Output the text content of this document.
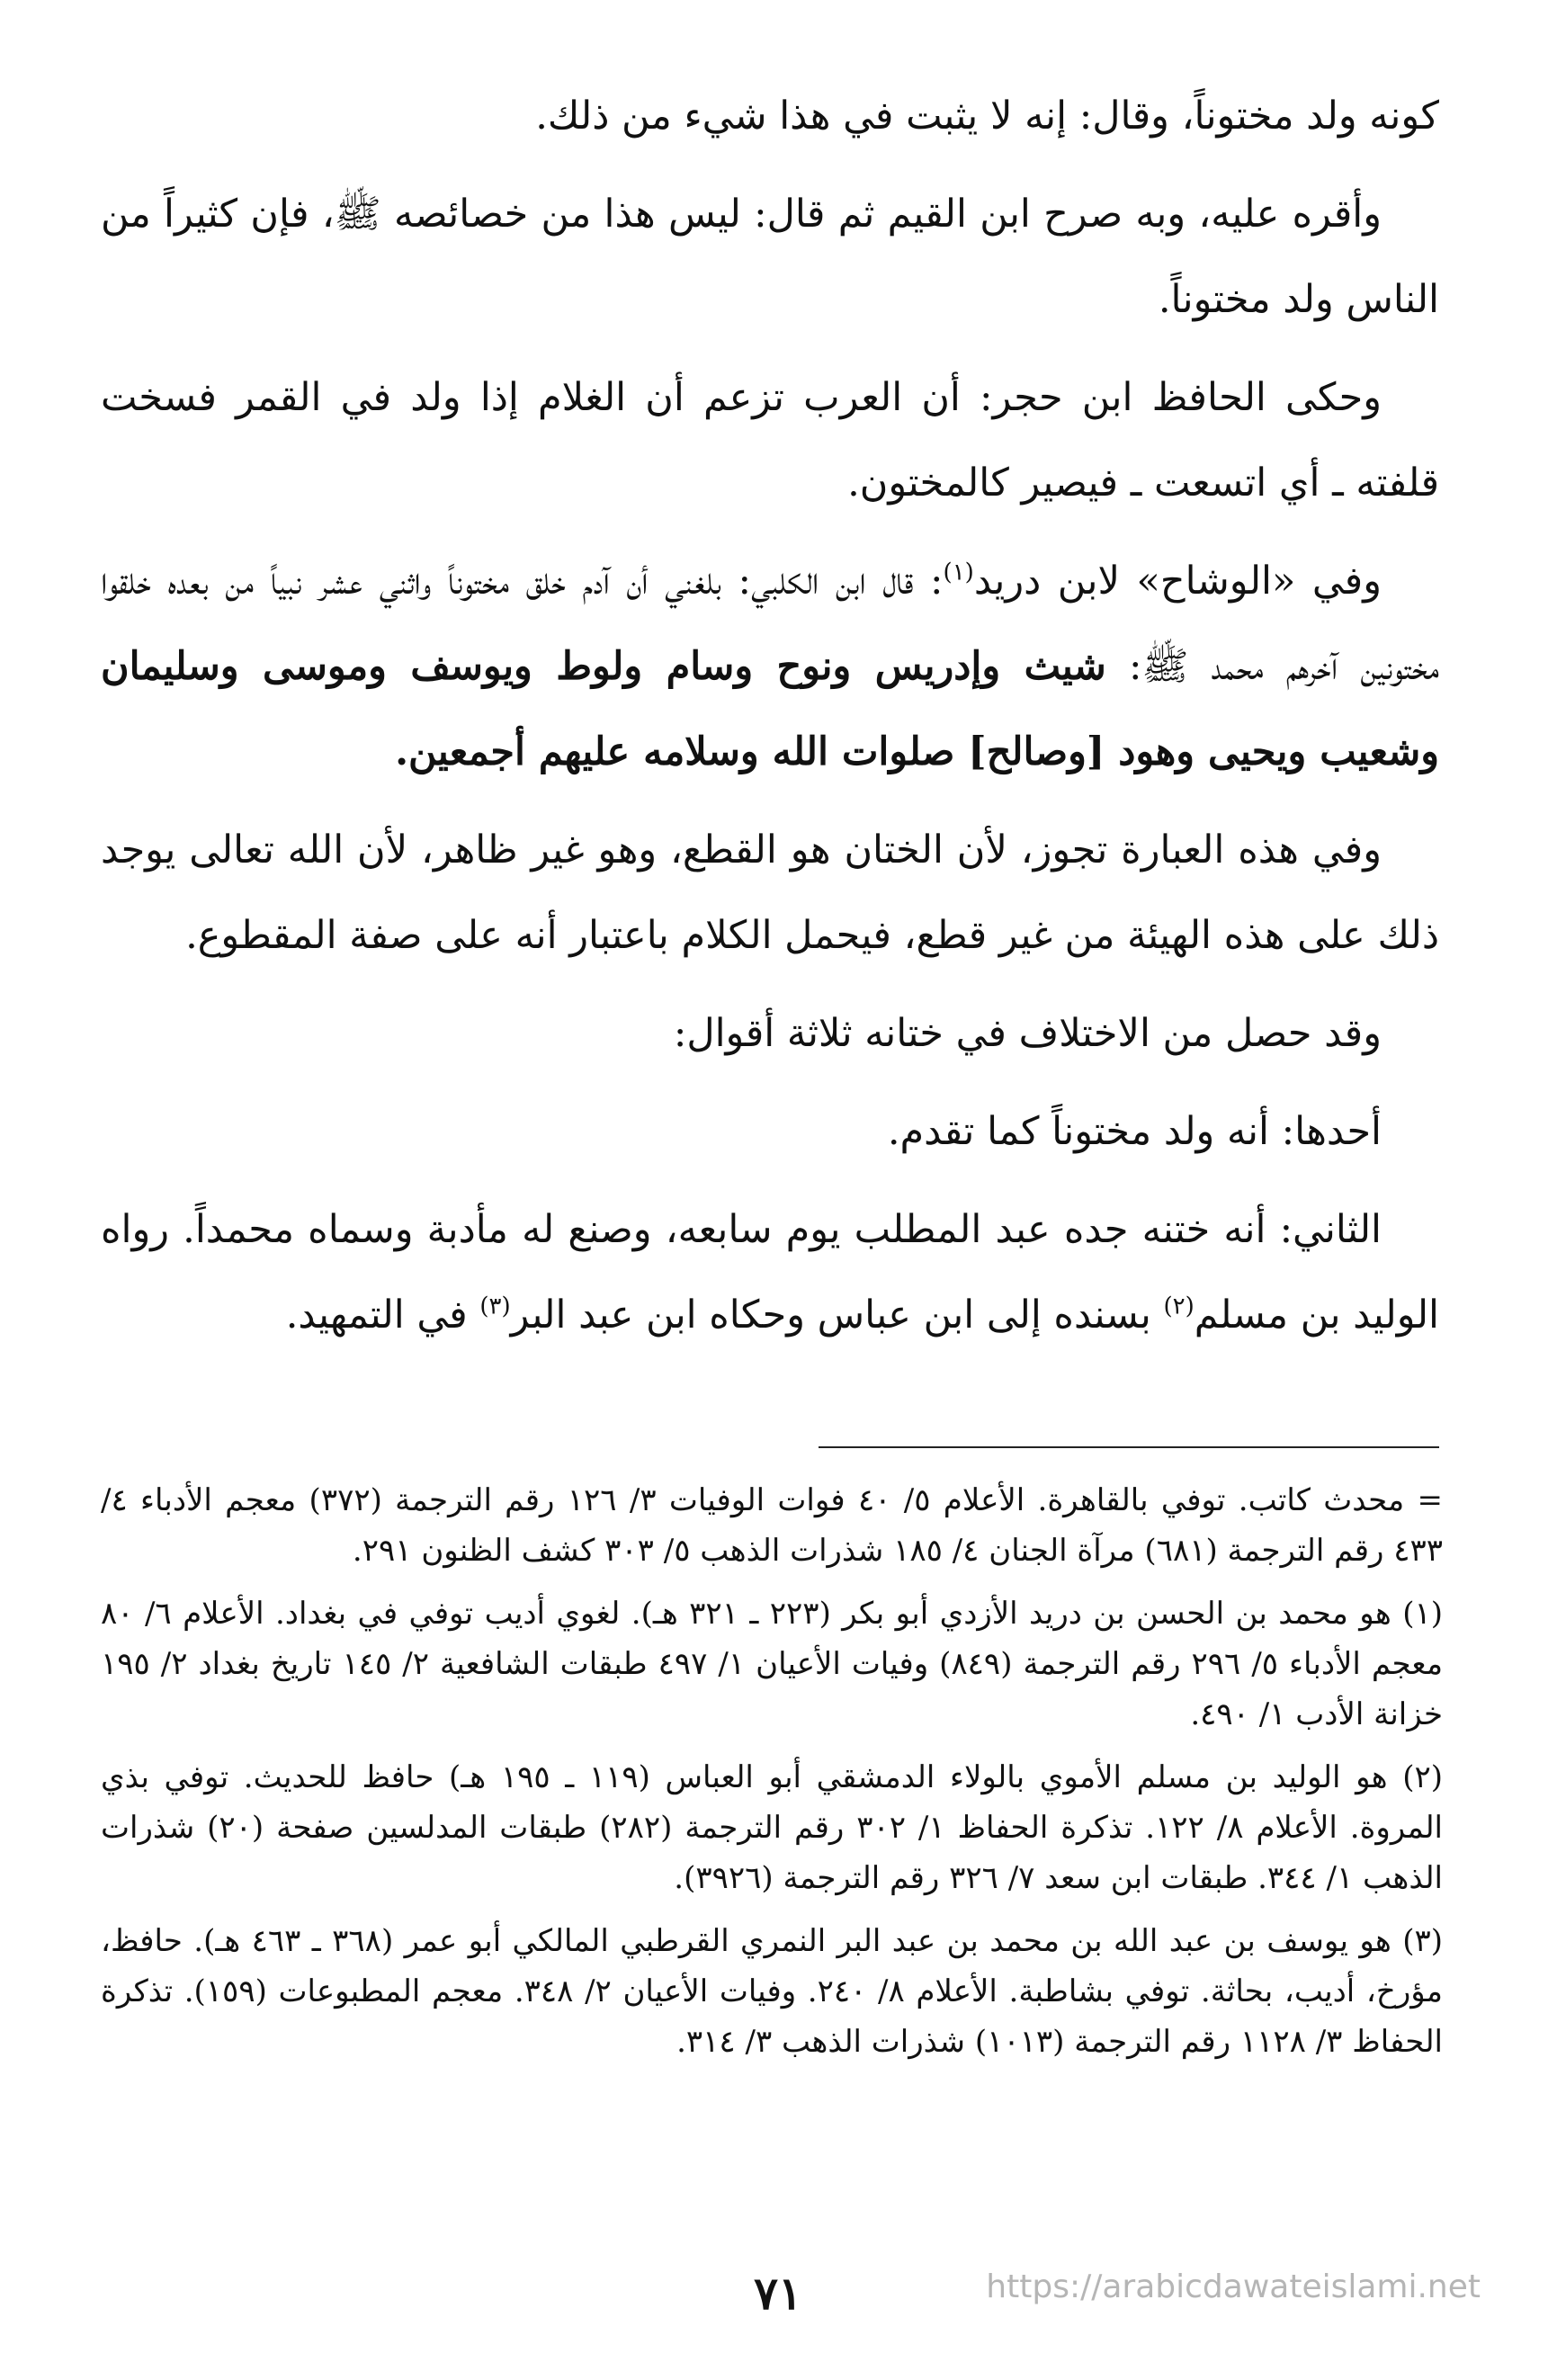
كونه ولد مختوناً، وقال: إنه لا يثبت في هذا شيء من ذلك.

وأقره عليه، وبه صرح ابن القيم ثم قال: ليس هذا من خصائصه ﷺ، فإن كثيراً من الناس ولد مختوناً.

وحكى الحافظ ابن حجر: أن العرب تزعم أن الغلام إذا ولد في القمر فسخت قلفته ـ أي اتسعت ـ فيصير كالمختون.

وفي «الوشاح» لابن دريد$^{(١)}$: قال ابن الكلبي: بلغني أن آدم خلق مختوناً واثني عشر نبياً من بعده خلقوا مختونين آخرهم محمد ﷺ: شيث وإدريس ونوح وسام ولوط ويوسف وموسى وسليمان وشعيب ويحيى وهود [وصالح] صلوات الله وسلامه عليهم أجمعين.

وفي هذه العبارة تجوز، لأن الختان هو القطع، وهو غير ظاهر، لأن الله تعالى يوجد ذلك على هذه الهيئة من غير قطع، فيحمل الكلام باعتبار أنه على صفة المقطوع.

وقد حصل من الاختلاف في ختانه ثلاثة أقوال:

أحدها: أنه ولد مختوناً كما تقدم.

الثاني: أنه ختنه جده عبد المطلب يوم سابعه، وصنع له مأدبة وسماه محمداً. رواه الوليد بن مسلم$^{(٢)}$ بسنده إلى ابن عباس وحكاه ابن عبد البر$^{(٣)}$ في التمهيد.

= محدث كاتب. توفي بالقاهرة. الأعلام ٥/ ٤٠ فوات الوفيات ٣/ ١٢٦ رقم الترجمة (٣٧٢) معجم الأدباء ٤/ ٤٣٣ رقم الترجمة (٦٨١) مرآة الجنان ٤/ ١٨٥ شذرات الذهب ٥/ ٣٠٣ كشف الظنون ٢٩١.

(١) هو محمد بن الحسن بن دريد الأزدي أبو بكر (٢٢٣ ـ ٣٢١ هـ). لغوي أديب توفي في بغداد. الأعلام ٦/ ٨٠ معجم الأدباء ٥/ ٢٩٦ رقم الترجمة (٨٤٩) وفيات الأعيان ١/ ٤٩٧ طبقات الشافعية ٢/ ١٤٥ تاريخ بغداد ٢/ ١٩٥ خزانة الأدب ١/ ٤٩٠.

(٢) هو الوليد بن مسلم الأموي بالولاء الدمشقي أبو العباس (١١٩ ـ ١٩٥ هـ) حافظ للحديث. توفي بذي المروة. الأعلام ٨/ ١٢٢. تذكرة الحفاظ ١/ ٣٠٢ رقم الترجمة (٢٨٢) طبقات المدلسين صفحة (٢٠) شذرات الذهب ١/ ٣٤٤. طبقات ابن سعد ٧/ ٣٢٦ رقم الترجمة (٣٩٢٦).

(٣) هو يوسف بن عبد الله بن محمد بن عبد البر النمري القرطبي المالكي أبو عمر (٣٦٨ ـ ٤٦٣ هـ). حافظ، مؤرخ، أديب، بحاثة. توفي بشاطبة. الأعلام ٨/ ٢٤٠. وفيات الأعيان ٢/ ٣٤٨. معجم المطبوعات (١٥٩). تذكرة الحفاظ ٣/ ١١٢٨ رقم الترجمة (١٠١٣) شذرات الذهب ٣/ ٣١٤.

٧١	https://arabicdawateislami.net
